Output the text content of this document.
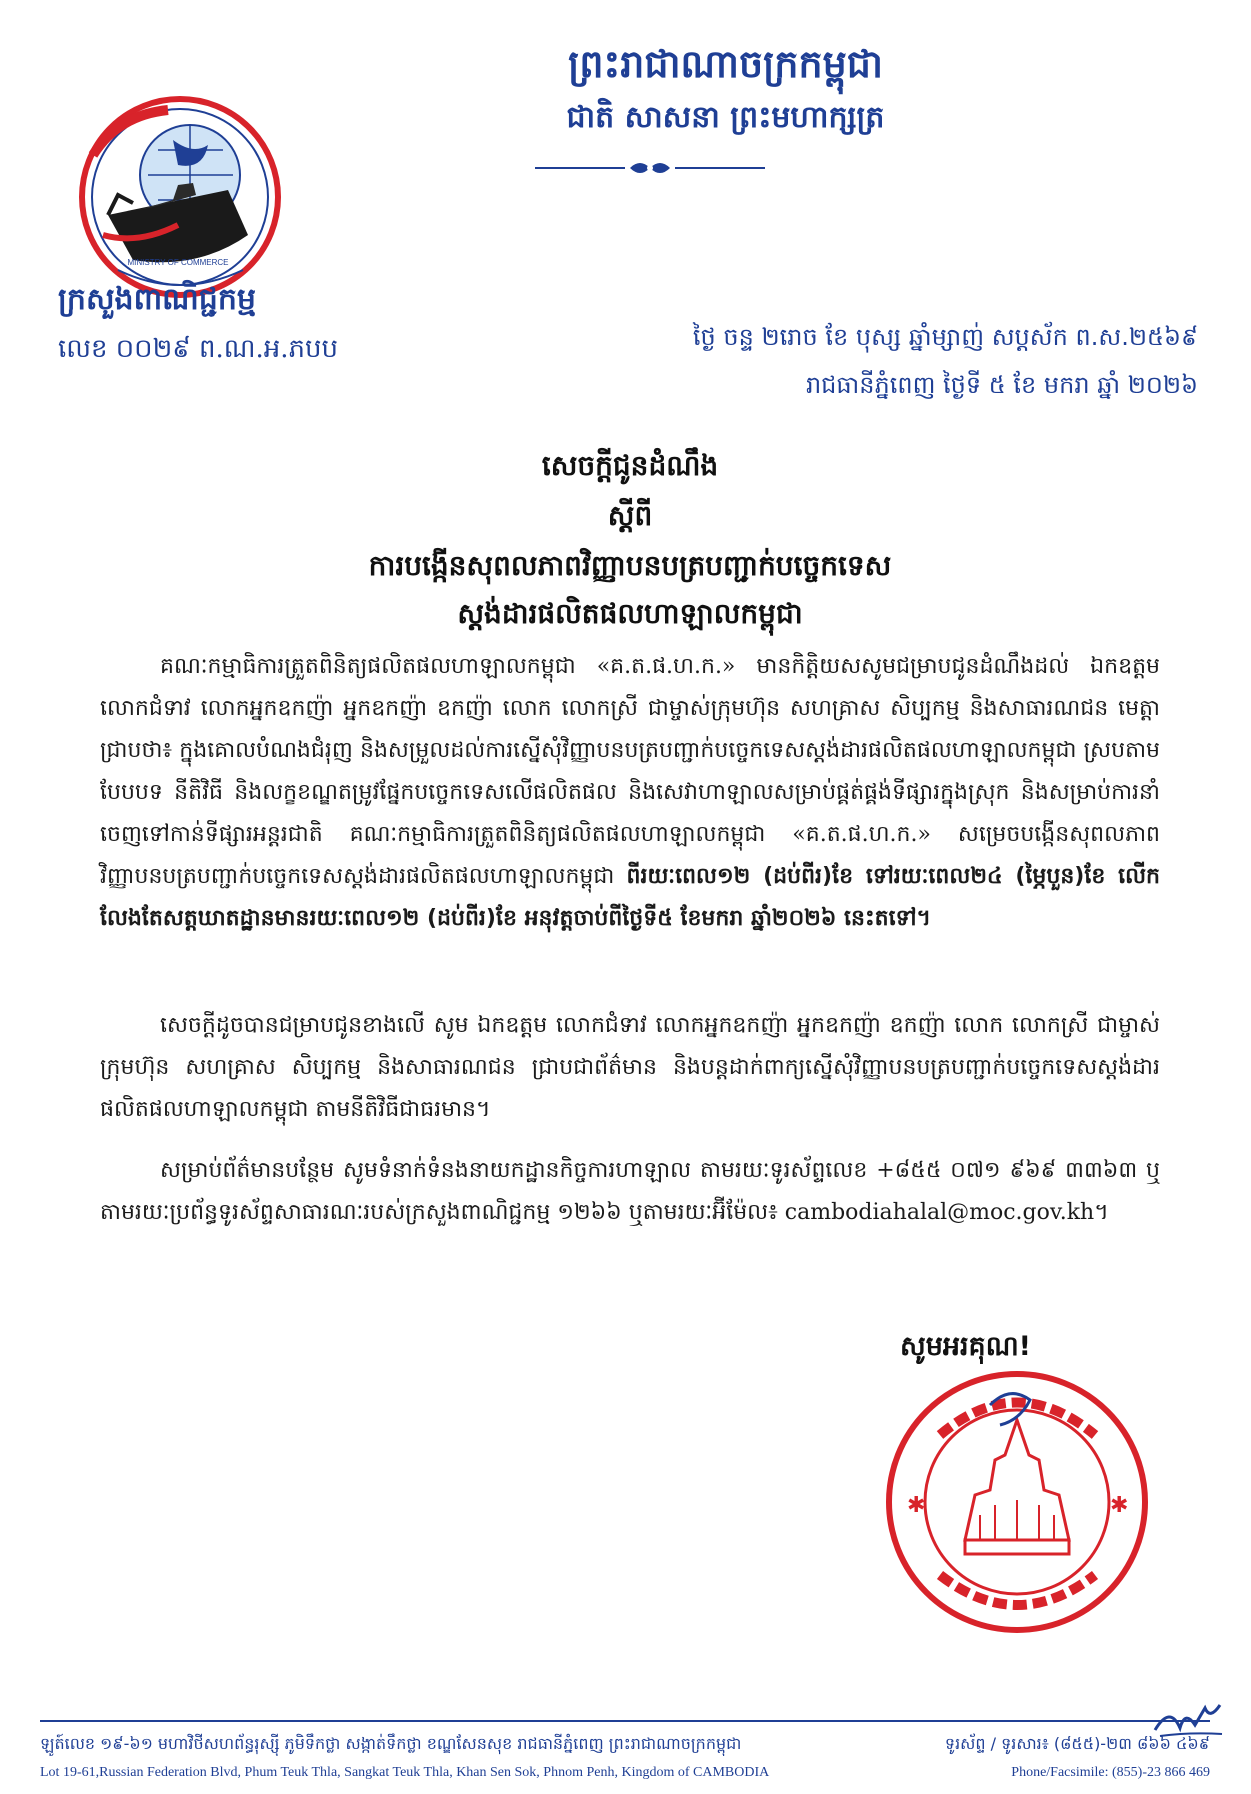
ព្រះរាជាណាចក្រកម្ពុជា
ជាតិ សាសនា ព្រះមហាក្សត្រ
MINISTRY OF COMMERCE
ក្រសួងពាណិជ្ជកម្ម
លេខ ០០២៩ ព.ណ.អ.ភបប	ថ្ងៃ ចន្ទ ២រោច ខែ បុស្ស ឆ្នាំម្សាញ់ សប្តស័ក ព.ស.២៥៦៩
រាជធានីភ្នំពេញ ថ្ងៃទី ៥ ខែ មករា ឆ្នាំ ២០២៦
សេចក្តីជូនដំណឹង
ស្តីពី
ការបង្កើនសុពលភាពវិញ្ញាបនបត្របញ្ជាក់បច្ចេកទេស
ស្តង់ដារផលិតផលហាឡាលកម្ពុជា

គណៈកម្មាធិការត្រួតពិនិត្យផលិតផលហាឡាលកម្ពុជា «គ.ត.ផ.ហ.ក.» មានកិត្តិយសសូមជម្រាបជូនដំណឹងដល់ ឯកឧត្តម លោកជំទាវ លោកអ្នកឧកញ៉ា អ្នកឧកញ៉ា ឧកញ៉ា លោក លោកស្រី ជាម្ចាស់ក្រុមហ៊ុន សហគ្រាស សិប្បកម្ម និងសាធារណជន មេត្តាជ្រាបថា៖ ក្នុងគោលបំណងជំរុញ និងសម្រួលដល់ការស្នើសុំវិញ្ញាបនបត្របញ្ជាក់បច្ចេកទេសស្តង់ដារផលិតផលហាឡាលកម្ពុជា ស្របតាមបែបបទ នីតិវិធី និងលក្ខខណ្ឌតម្រូវផ្នែកបច្ចេកទេសលើផលិតផល និងសេវាហាឡាលសម្រាប់ផ្គត់ផ្គង់ទីផ្សារក្នុងស្រុក និងសម្រាប់ការនាំចេញទៅកាន់ទីផ្សារអន្តរជាតិ គណៈកម្មាធិការត្រួតពិនិត្យផលិតផលហាឡាលកម្ពុជា «គ.ត.ផ.ហ.ក.» សម្រេចបង្កើនសុពលភាពវិញ្ញាបនបត្របញ្ជាក់បច្ចេកទេសស្តង់ដារផលិតផលហាឡាលកម្ពុជា ពីរយៈពេល១២ (ដប់ពីរ)ខែ ទៅរយៈពេល២៤ (ម្ភៃបួន)ខែ លើកលែងតែសត្តឃាតដ្ឋានមានរយៈពេល១២ (ដប់ពីរ)ខែ អនុវត្តចាប់ពីថ្ងៃទី៥ ខែមករា ឆ្នាំ២០២៦ នេះតទៅ។

សេចក្តីដូចបានជម្រាបជូនខាងលើ សូម ឯកឧត្តម លោកជំទាវ លោកអ្នកឧកញ៉ា អ្នកឧកញ៉ា ឧកញ៉ា លោក លោកស្រី ជាម្ចាស់ក្រុមហ៊ុន សហគ្រាស សិប្បកម្ម និងសាធារណជន ជ្រាបជាព័ត៌មាន និងបន្តដាក់ពាក្យស្នើសុំវិញ្ញាបនបត្របញ្ជាក់បច្ចេកទេសស្តង់ដារផលិតផលហាឡាលកម្ពុជា តាមនីតិវិធីជាធរមាន។

សម្រាប់ព័ត៌មានបន្ថែម សូមទំនាក់ទំនងនាយកដ្ឋានកិច្ចការហាឡាល តាមរយៈទូរស័ព្ទលេខ +៨៥៥ ០៧១ ៩៦៩ ៣៣៦៣ ឬតាមរយៈប្រព័ន្ធទូរស័ព្ទសាធារណៈរបស់ក្រសួងពាណិជ្ជកម្ម ១២៦៦ ឬតាមរយៈអ៊ីម៉ែល៖ cambodiahalal@moc.gov.kh។

សូមអរគុណ!
✱	✱
ឡូត៍លេខ ១៩-៦១ មហាវិថីសហព័ន្ធរុស្ស៊ី ភូមិទឹកថ្លា សង្កាត់ទឹកថ្លា ខណ្ឌសែនសុខ រាជធានីភ្នំពេញ ព្រះរាជាណាចក្រកម្ពុជា	ទូរស័ព្ទ / ទូរសារ៖ (៨៥៥)-២៣ ៨៦៦ ៤៦៩
Lot 19-61,Russian Federation Blvd, Phum Teuk Thla, Sangkat Teuk Thla, Khan Sen Sok, Phnom Penh, Kingdom of CAMBODIA	Phone/Facsimile: (855)-23 866 469
